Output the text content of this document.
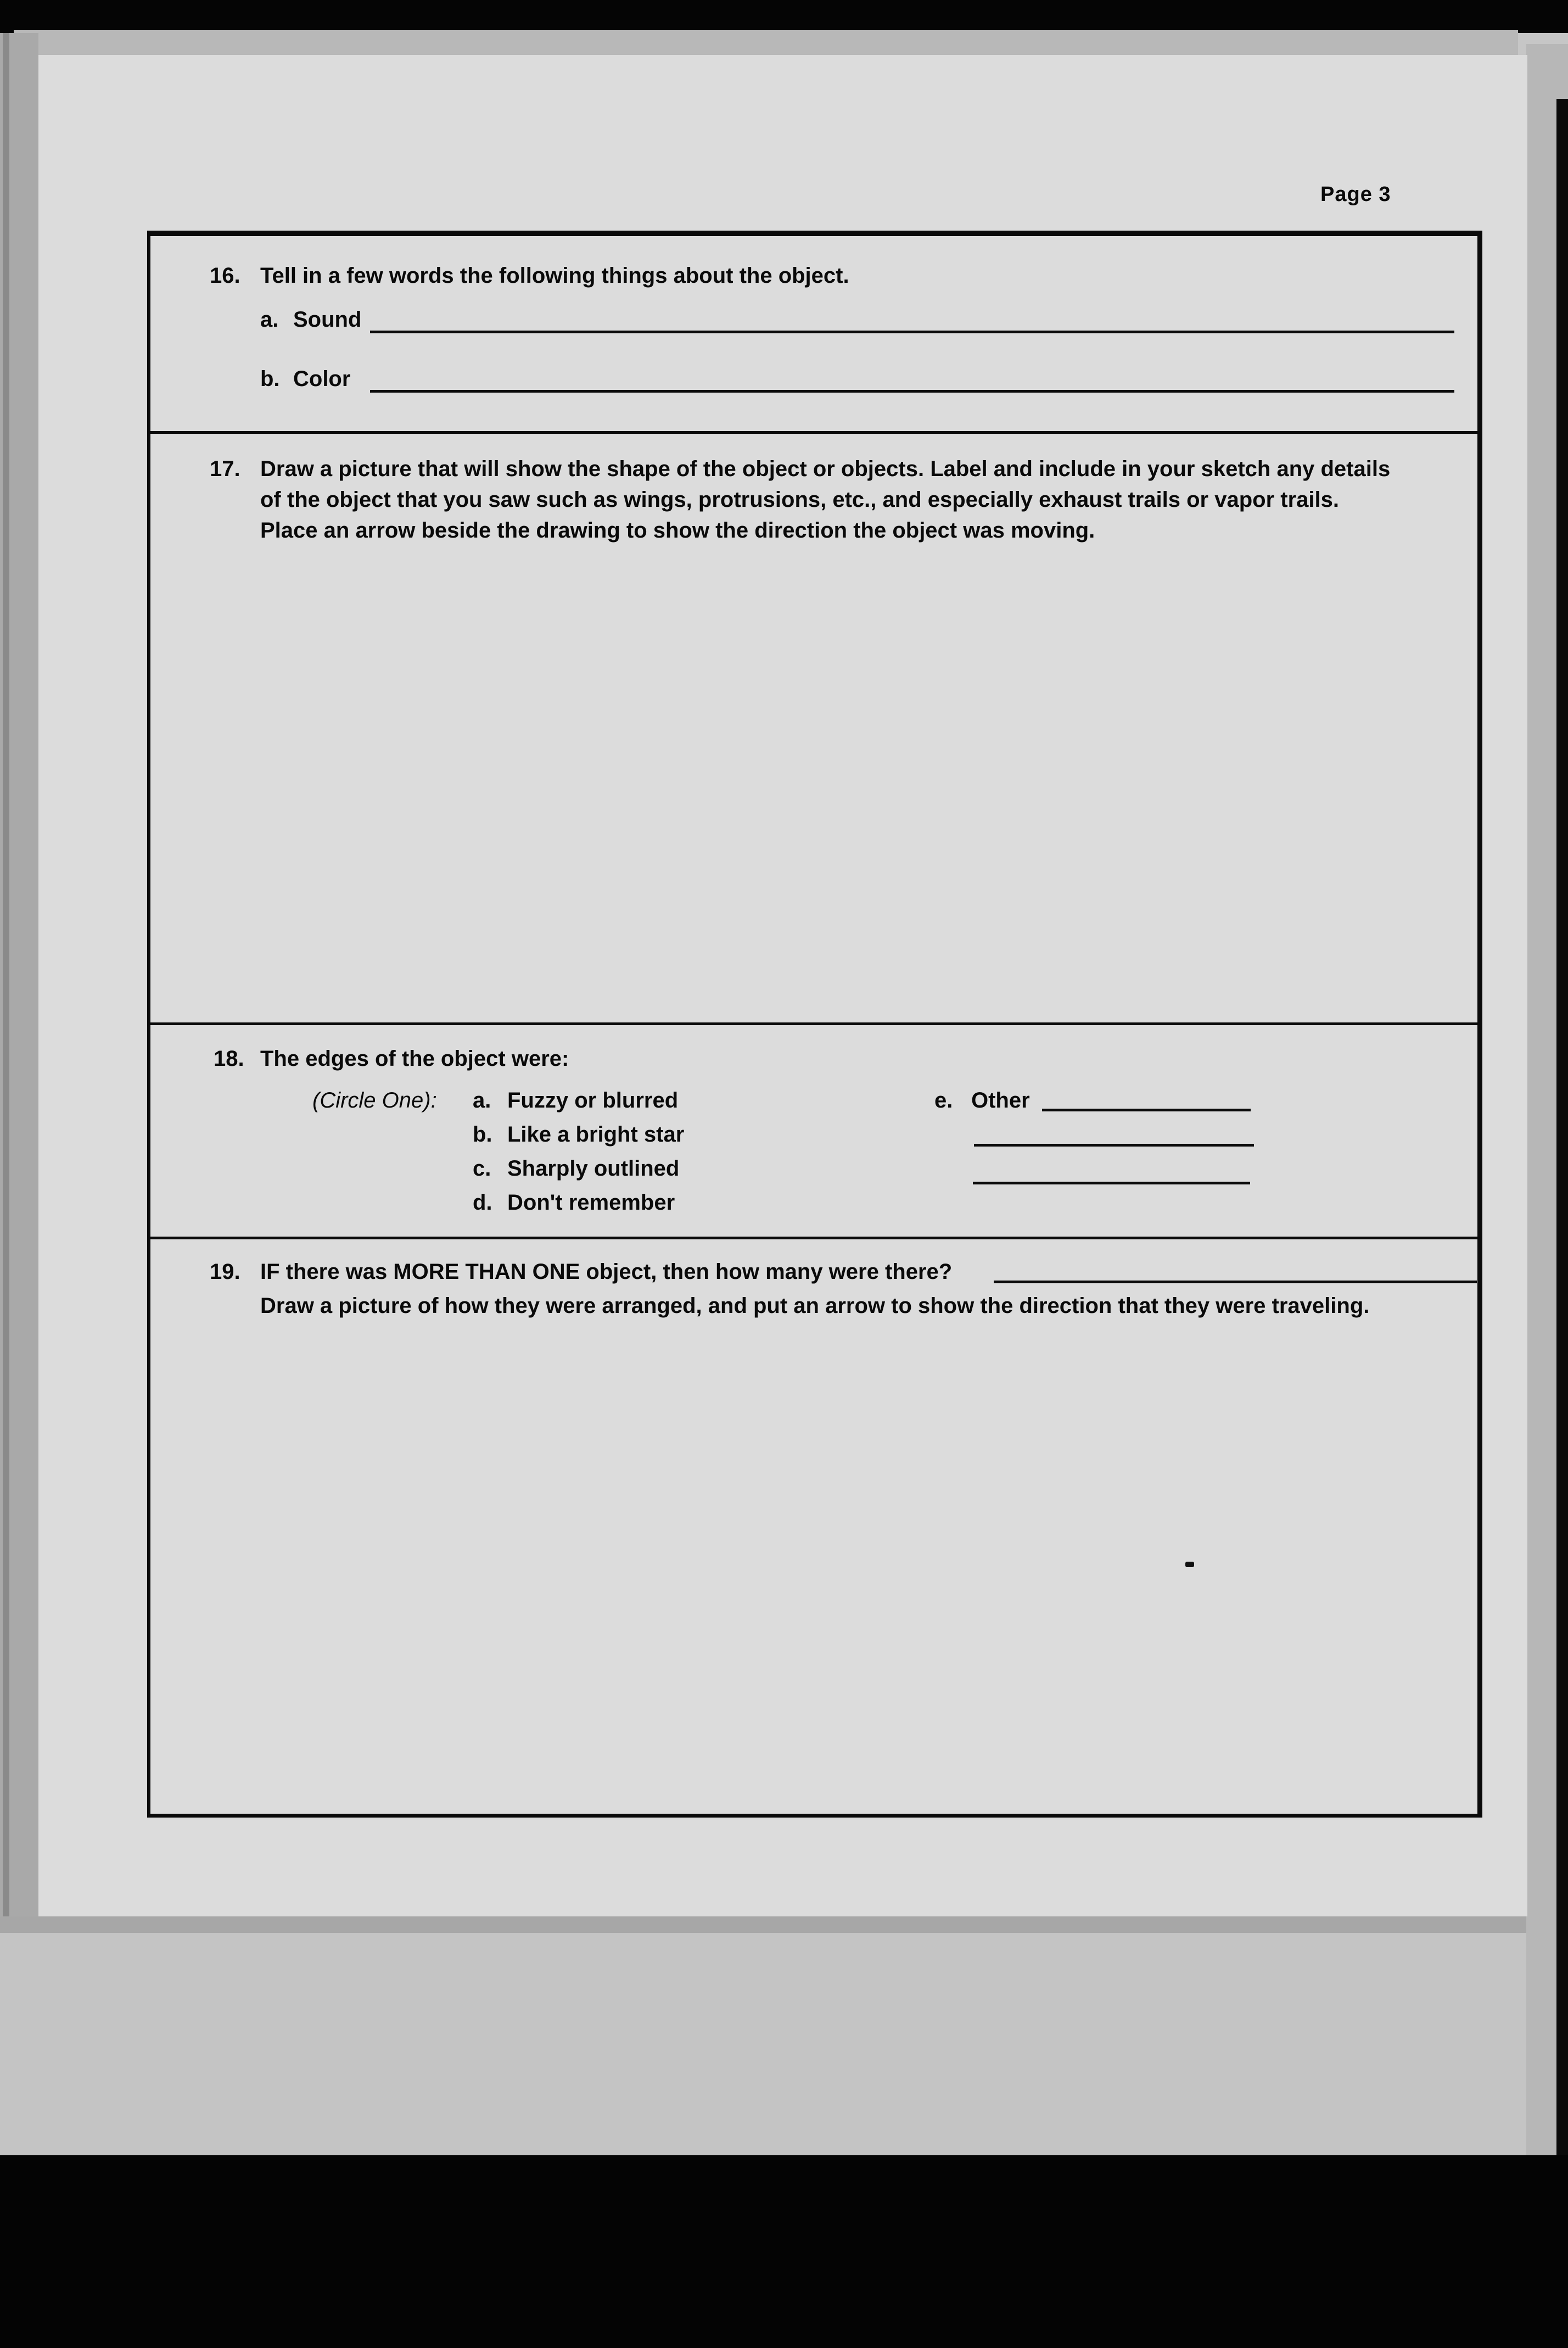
Page 3
16. Tell in a few words the following things about the object.
a. Sound
b. Color
17. Draw a picture that will show the shape of the object or objects. Label and include in your sketch any details
of the object that you saw such as wings, protrusions, etc., and especially exhaust trails or vapor trails.
Place an arrow beside the drawing to show the direction the object was moving.
18. The edges of the object were:
(Circle One): a. Fuzzy or blurred
b. Like a bright star
c. Sharply outlined
d. Don't remember
e. Other
19. IF there was MORE THAN ONE object, then how many were there?
Draw a picture of how they were arranged, and put an arrow to show the direction that they were traveling.
